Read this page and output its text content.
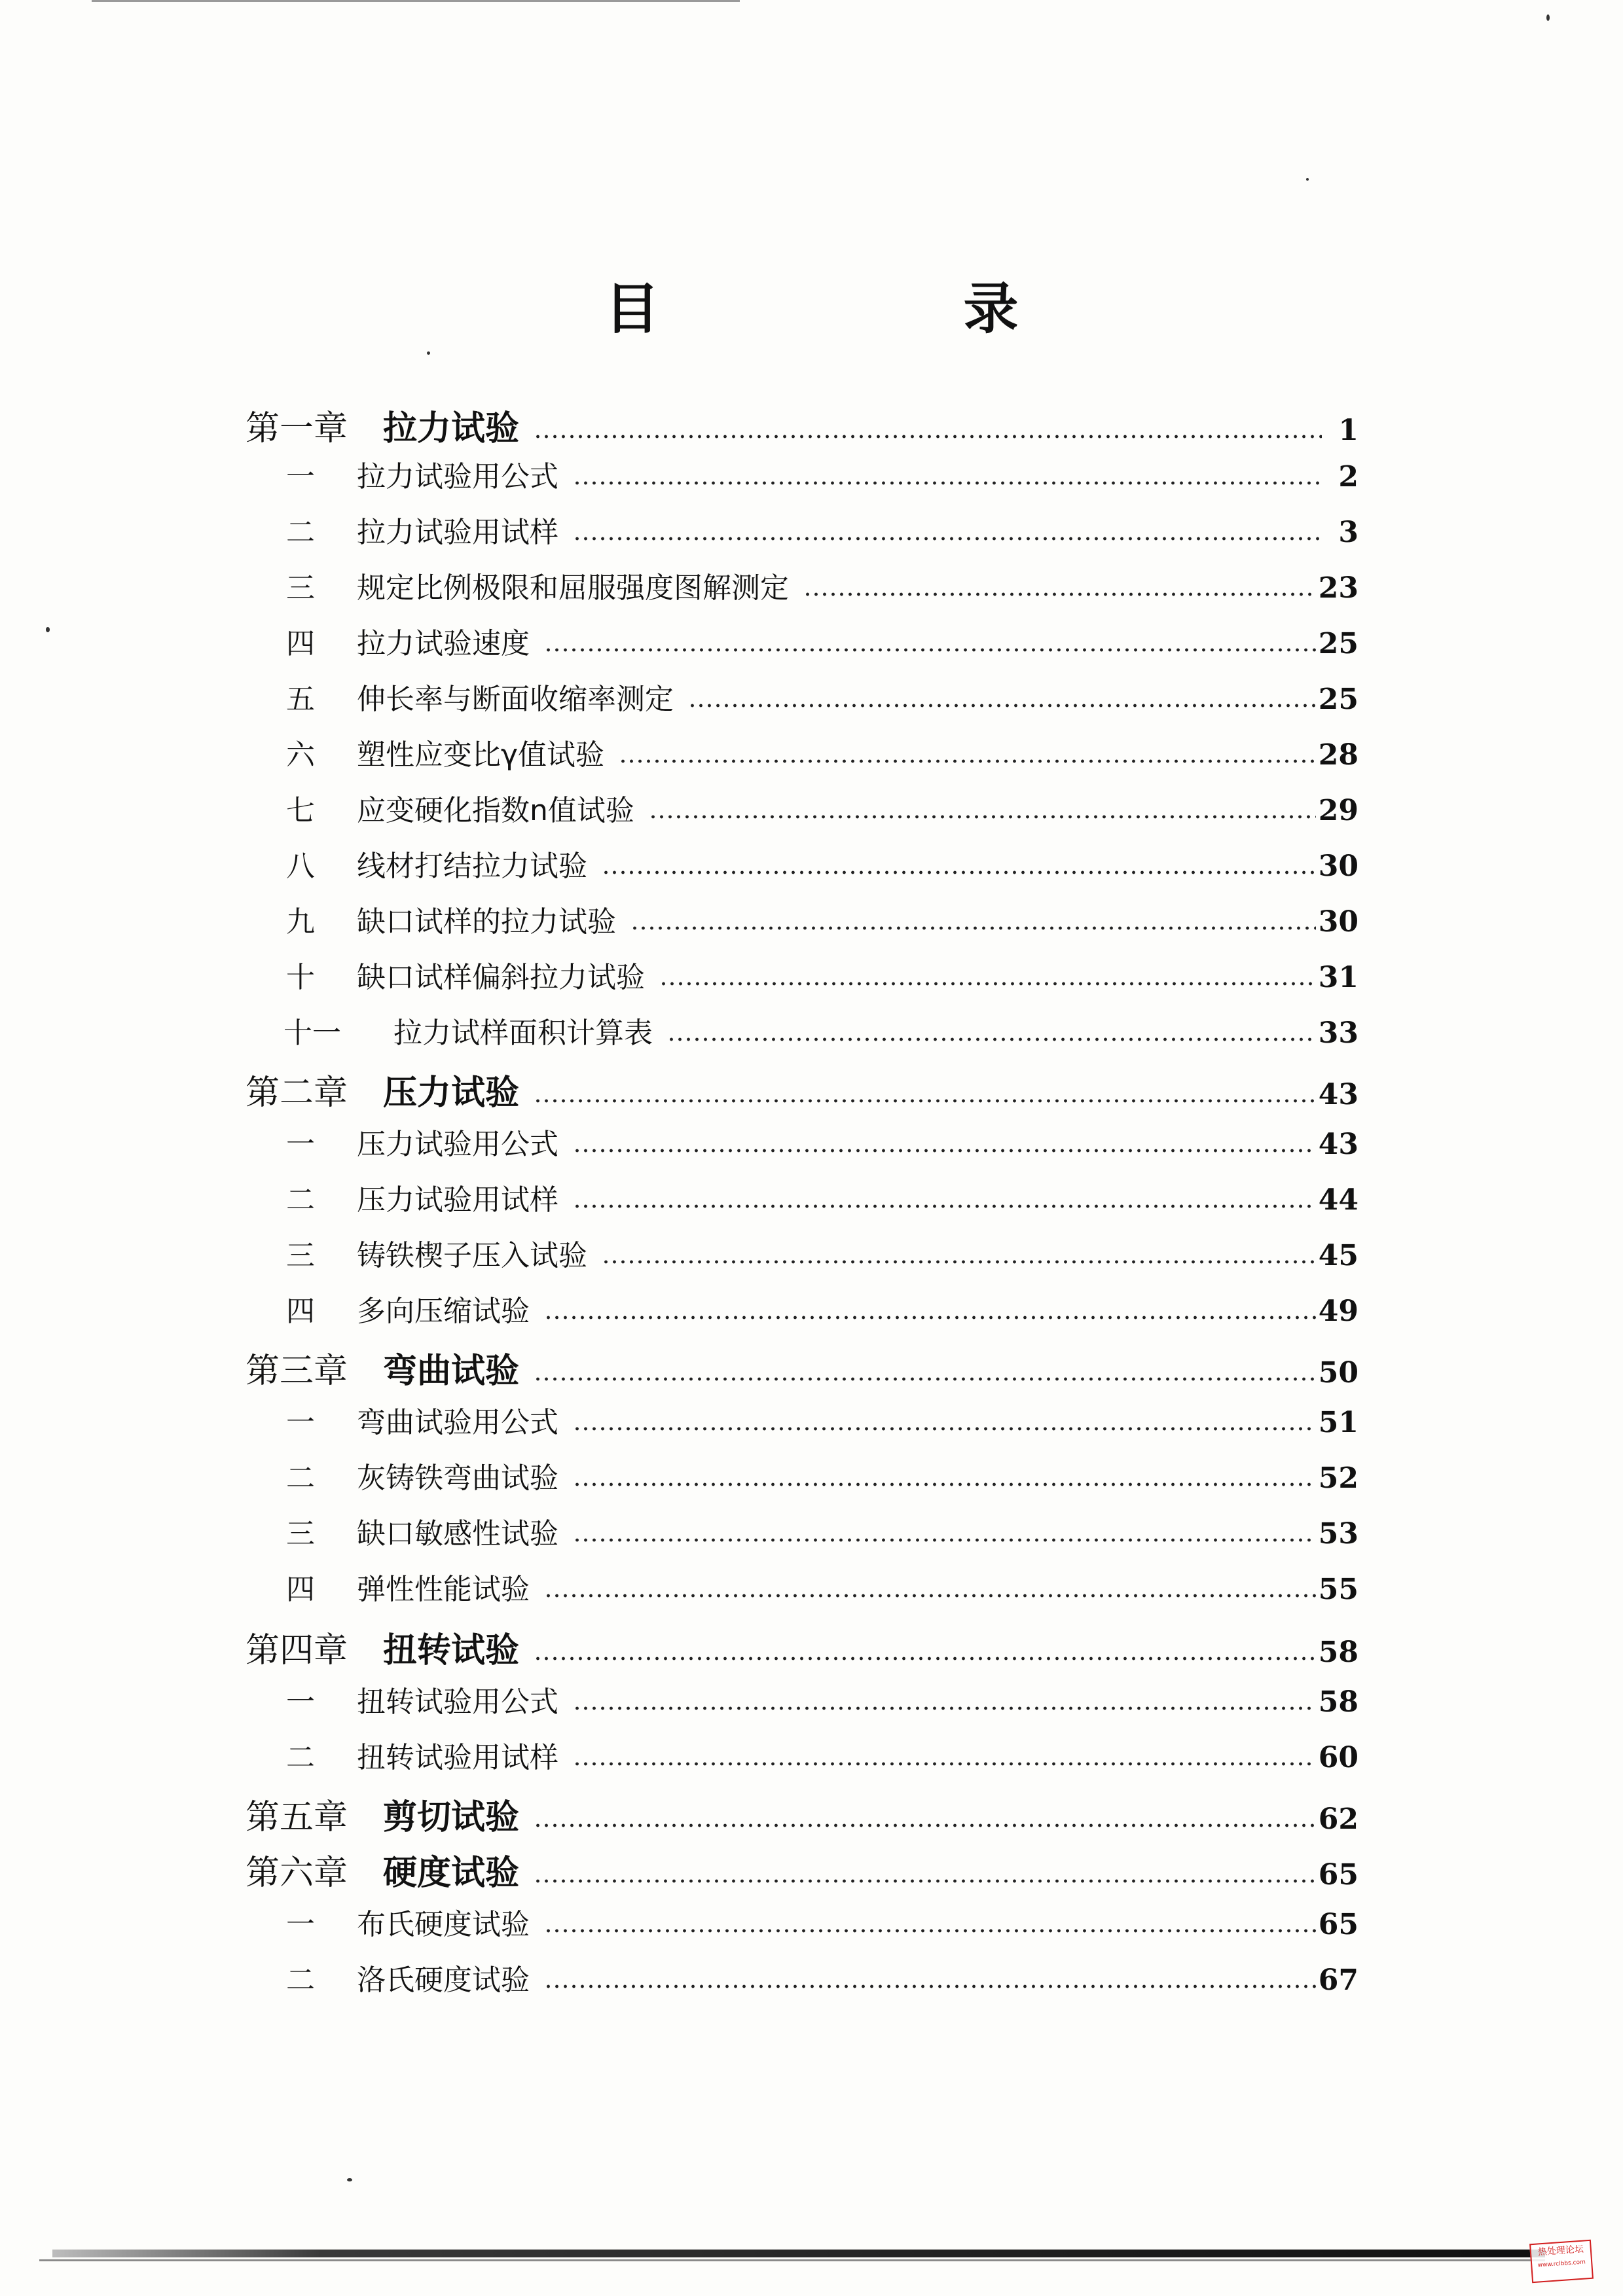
目　录
第一章	拉力试验	1
一	拉力试验用公式	2
二	拉力试验用试样	3
三	规定比例极限和屈服强度图解测定	23
四	拉力试验速度	25
五	伸长率与断面收缩率测定	25
六	塑性应变比γ值试验	28
七	应变硬化指数n值试验	29
八	线材打结拉力试验	30
九	缺口试样的拉力试验	30
十	缺口试样偏斜拉力试验	31
十一	拉力试样面积计算表	33
第二章	压力试验	43
一	压力试验用公式	43
二	压力试验用试样	44
三	铸铁楔子压入试验	45
四	多向压缩试验	49
第三章	弯曲试验	50
一	弯曲试验用公式	51
二	灰铸铁弯曲试验	52
三	缺口敏感性试验	53
四	弹性性能试验	55
第四章	扭转试验	58
一	扭转试验用公式	58
二	扭转试验用试样	60
第五章	剪切试验	62
第六章	硬度试验	65
一	布氏硬度试验	65
二	洛氏硬度试验	67
热处理论坛
www.rclbbs.com
